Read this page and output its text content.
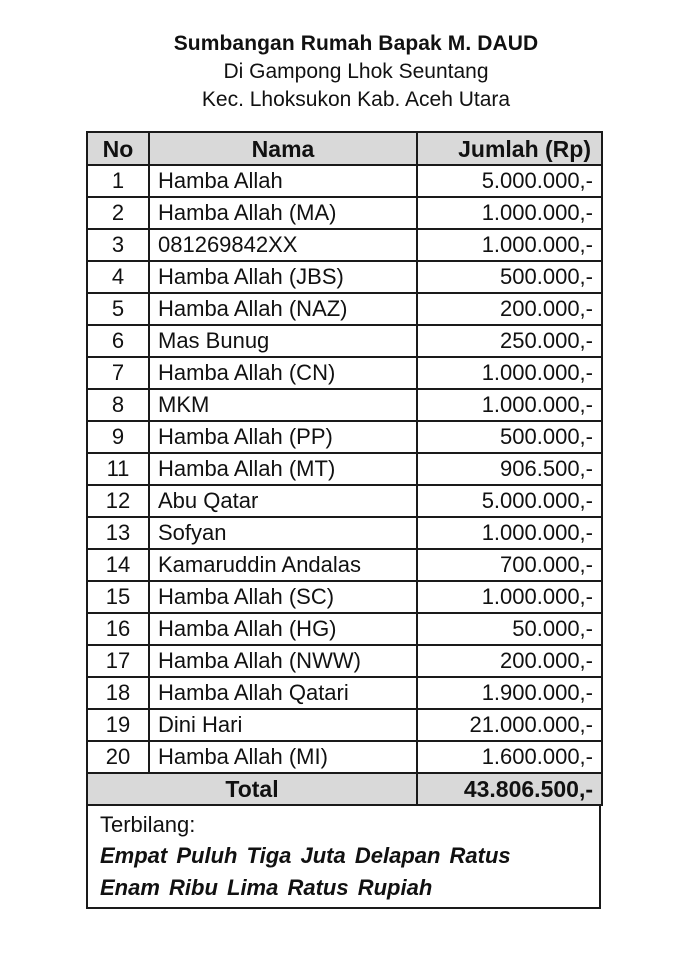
Sumbangan Rumah Bapak M. DAUD
Di Gampong Lhok Seuntang
Kec. Lhoksukon Kab. Aceh Utara
No	Nama	Jumlah (Rp)
1	Hamba Allah	5.000.000,-
2	Hamba Allah (MA)	1.000.000,-
3	081269842XX	1.000.000,-
4	Hamba Allah (JBS)	500.000,-
5	Hamba Allah (NAZ)	200.000,-
6	Mas Bunug	250.000,-
7	Hamba Allah (CN)	1.000.000,-
8	MKM	1.000.000,-
9	Hamba Allah (PP)	500.000,-
11	Hamba Allah (MT)	906.500,-
12	Abu Qatar	5.000.000,-
13	Sofyan	1.000.000,-
14	Kamaruddin Andalas	700.000,-
15	Hamba Allah (SC)	1.000.000,-
16	Hamba Allah (HG)	50.000,-
17	Hamba Allah (NWW)	200.000,-
18	Hamba Allah Qatari	1.900.000,-
19	Dini Hari	21.000.000,-
20	Hamba Allah (MI)	1.600.000,-
Total		43.806.500,-
Terbilang:
Empat Puluh Tiga Juta Delapan Ratus
Enam Ribu Lima Ratus Rupiah
